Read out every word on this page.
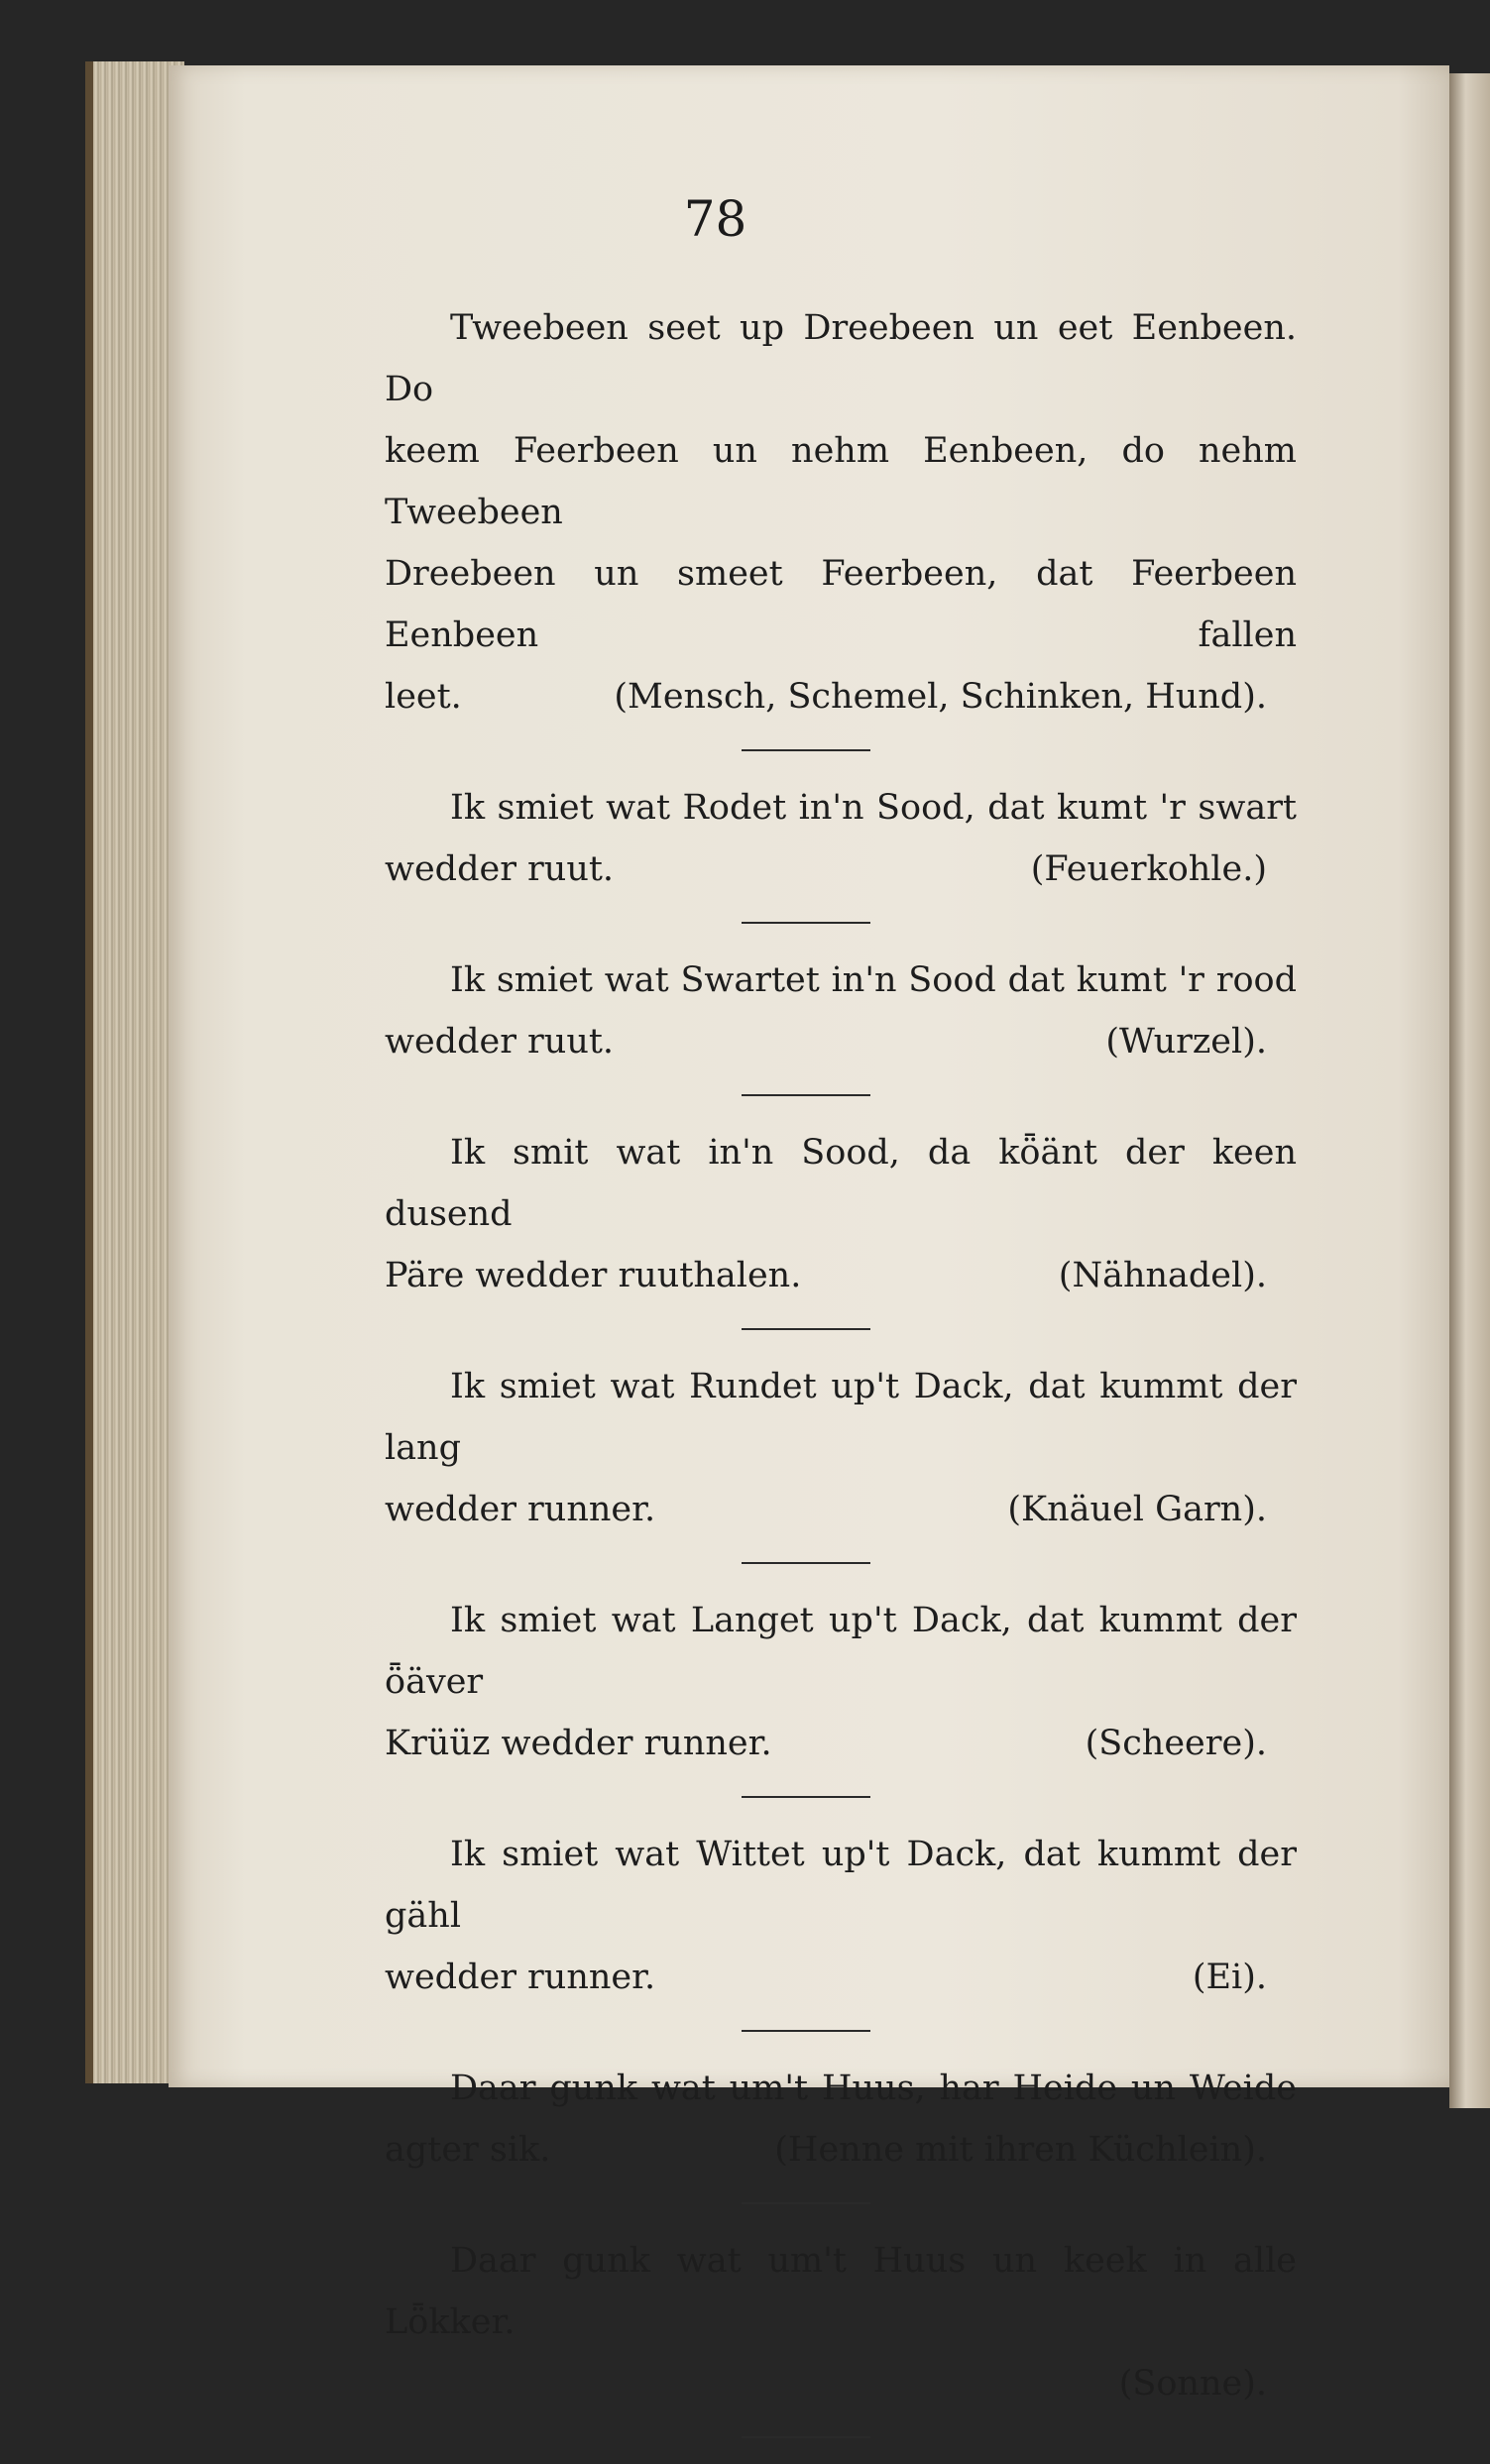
78

Tweebeen seet up Dreebeen un eet Eenbeen. Do

keem Feerbeen un nehm Eenbeen, do nehm Tweebeen

Dreebeen un smeet Feerbeen, dat Feerbeen Eenbeen fallen

leet.	(Mensch, Schemel, Schinken, Hund).

Ik smiet wat Rodet in'n Sood, dat kumt 'r swart

wedder ruut.	(Feuerkohle.)

Ik smiet wat Swartet in'n Sood dat kumt 'r rood

wedder ruut.	(Wurzel).

Ik smit wat in'n Sood, da kȫänt der keen dusend

Päre wedder ruuthalen.	(Nähnadel).

Ik smiet wat Rundet up't Dack, dat kummt der lang

wedder runner.	(Knäuel Garn).

Ik smiet wat Langet up't Dack, dat kummt der ȫäver

Krüüz wedder runner.	(Scheere).

Ik smiet wat Wittet up't Dack, dat kummt der gähl

wedder runner.	(Ei).

Daar gunk wat um't Huus, har Heide un Weide

agter sik.	(Henne mit ihren Küchlein).

Daar gunk wat um't Huus un keek in alle Lȫkker.

(Sonne).
